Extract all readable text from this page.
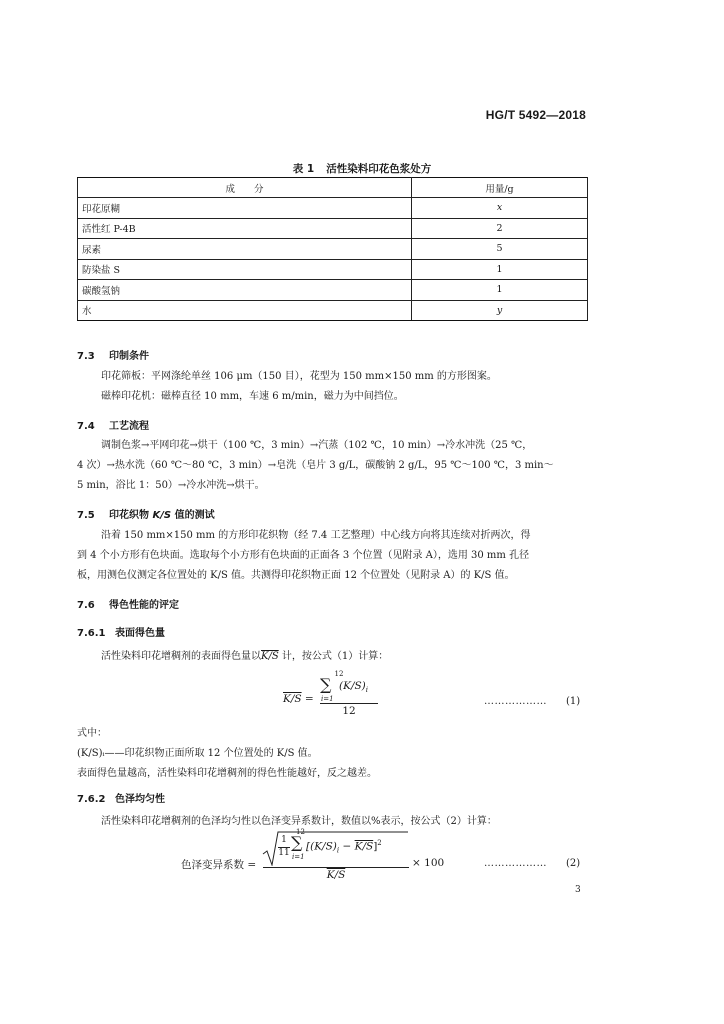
HG/T 5492—2018
表 1 活性染料印花色浆处方
成　　分	用量/g
印花原糊	x
活性红 P-4B	2
尿素	5
防染盐 S	1
碳酸氢钠	1
水	y
7.3 印制条件
印花筛板：平网涤纶单丝 106 μm（150 目），花型为 150 mm×150 mm 的方形图案。
磁棒印花机：磁棒直径 10 mm，车速 6 m/min，磁力为中间挡位。
7.4 工艺流程
调制色浆→平网印花→烘干（100 ℃，3 min）→汽蒸（102 ℃，10 min）→冷水冲洗（25 ℃，
4 次）→热水洗（60 ℃～80 ℃，3 min）→皂洗（皂片 3 g/L，碳酸钠 2 g/L，95 ℃～100 ℃，3 min～
5 min，浴比 1：50）→冷水冲洗→烘干。
7.5 印花织物 K/S 值的测试
沿着 150 mm×150 mm 的方形印花织物（经 7.4 工艺整理）中心线方向将其连续对折两次，得
到 4 个小方形有色块面。选取每个小方形有色块面的正面各 3 个位置（见附录 A），选用 30 mm 孔径
板，用测色仪测定各位置处的 K/S 值。共测得印花织物正面 12 个位置处（见附录 A）的 K/S 值。
7.6 得色性能的评定
7.6.1 表面得色量
活性染料印花增稠剂的表面得色量以K/S 计，按公式（1）计算：
K/S =
12
∑
i=1
$(K/S)_i$
12
……………… (1)
式中：
(K/S)ᵢ——印花织物正面所取 12 个位置处的 K/S 值。
表面得色量越高，活性染料印花增稠剂的得色性能越好，反之越差。
7.6.2 色泽均匀性
活性染料印花增稠剂的色泽均匀性以色泽变异系数计，数值以%表示，按公式（2）计算：
色泽变异系数 =
1
11
12
∑
i=1
$[(K/S)_i - K/S]^2$
K/S
× 100	……………… (2)
3
